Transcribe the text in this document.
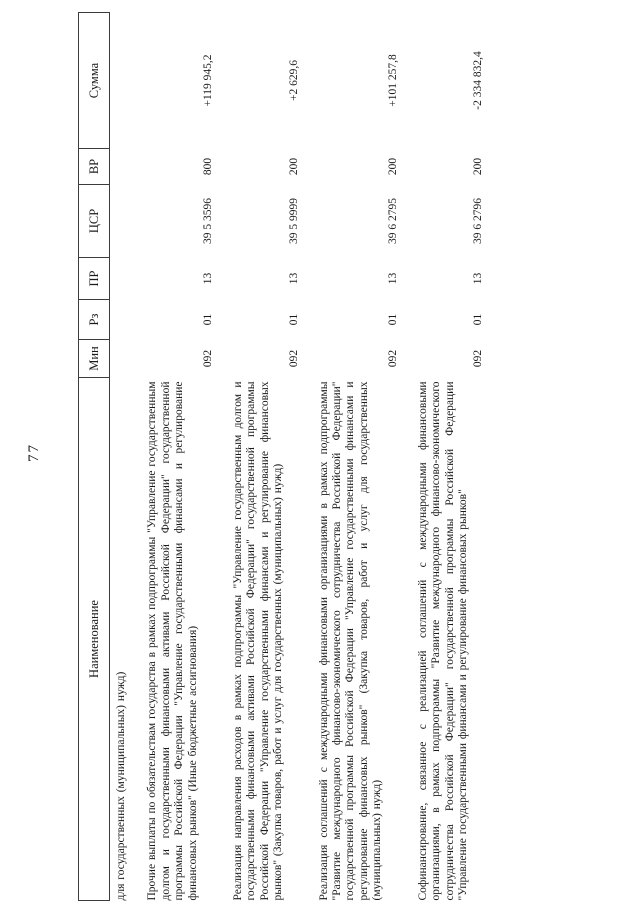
77
Наименование	Мин	Рз	ПР	ЦСР	ВР	Сумма
для государственных (муниципальных) нужд)						
Прочие выплаты по обязательствам государства в рамках подпрограммы "Управление государственным долгом и государственными финансовыми активами Российской Федерации" государственной программы Российской Федерации "Управление государственными финансами и регулирование финансовых рынков" (Иные бюджетные ассигнования)	092	01	13	39 5 3596	800	+119 945,2
Реализация направления расходов в рамках подпрограммы "Управление государственным долгом и государственными финансовыми активами Российской Федерации" государственной программы Российской Федерации "Управление государственными финансами и регулирование финансовых рынков" (Закупка товаров, работ и услуг для государственных (муниципальных) нужд)	092	01	13	39 5 9999	200	+2 629,6
Реализация соглашений с международными финансовыми организациями в рамках подпрограммы "Развитие международного финансово-экономического сотрудничества Российской Федерации" государственной программы Российской Федерации "Управление государственными финансами и регулирование финансовых рынков" (Закупка товаров, работ и услуг для государственных (муниципальных) нужд)	092	01	13	39 6 2795	200	+101 257,8
Софинансирование, связанное с реализацией соглашений с международными финансовыми организациями, в рамках подпрограммы "Развитие международного финансово-экономического сотрудничества Российской Федерации" государственной программы Российской Федерации "Управление государственными финансами и регулирование финансовых рынков"	092	01	13	39 6 2796	200	-2 334 832,4
